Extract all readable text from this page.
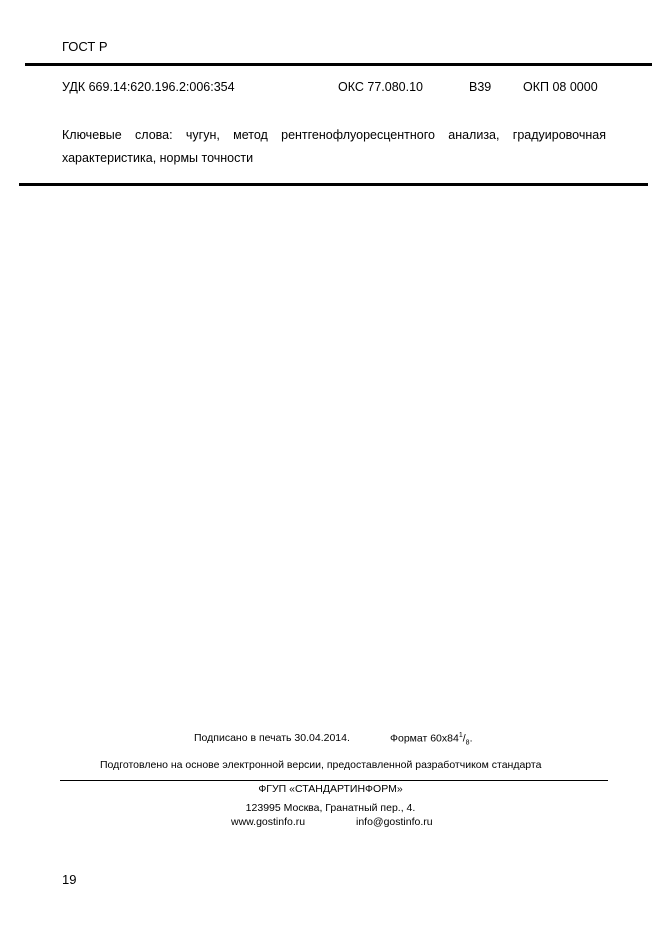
ГОСТ Р
УДК 669.14:620.196.2:006:354	ОКС 77.080.10	В39	ОКП 08 0000
Ключевые слова: чугун, метод рентгенофлуоресцентного анализа, градуировочная характеристика, нормы точности
Подписано в печать 30.04.2014.	Формат $60х84^1/_8$.
Подготовлено на основе электронной версии, предоставленной разработчиком стандарта
ФГУП «СТАНДАРТИНФОРМ»
123995 Москва, Гранатный пер., 4.
www.gostinfo.ru	info@gostinfo.ru
19
